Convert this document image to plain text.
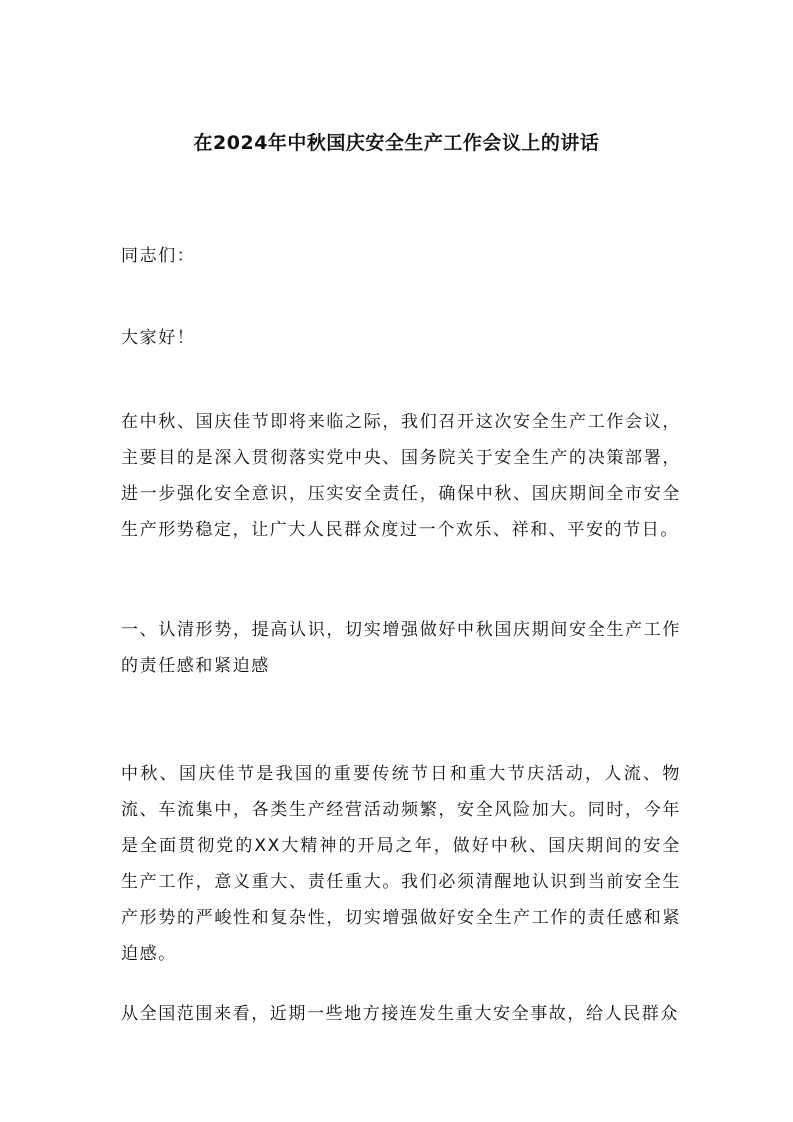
在2024年中秋国庆安全生产工作会议上的讲话

同志们：

大家好！

在中秋、国庆佳节即将来临之际，我们召开这次安全生产工作会议，主要目的是深入贯彻落实党中央、国务院关于安全生产的决策部署，进一步强化安全意识，压实安全责任，确保中秋、国庆期间全市安全生产形势稳定，让广大人民群众度过一个欢乐、祥和、平安的节日。

一、认清形势，提高认识，切实增强做好中秋国庆期间安全生产工作的责任感和紧迫感

中秋、国庆佳节是我国的重要传统节日和重大节庆活动，人流、物流、车流集中，各类生产经营活动频繁，安全风险加大。同时，今年是全面贯彻党的XX大精神的开局之年，做好中秋、国庆期间的安全生产工作，意义重大、责任重大。我们必须清醒地认识到当前安全生产形势的严峻性和复杂性，切实增强做好安全生产工作的责任感和紧迫感。

从全国范围来看，近期一些地方接连发生重大安全事故，给人民群众
